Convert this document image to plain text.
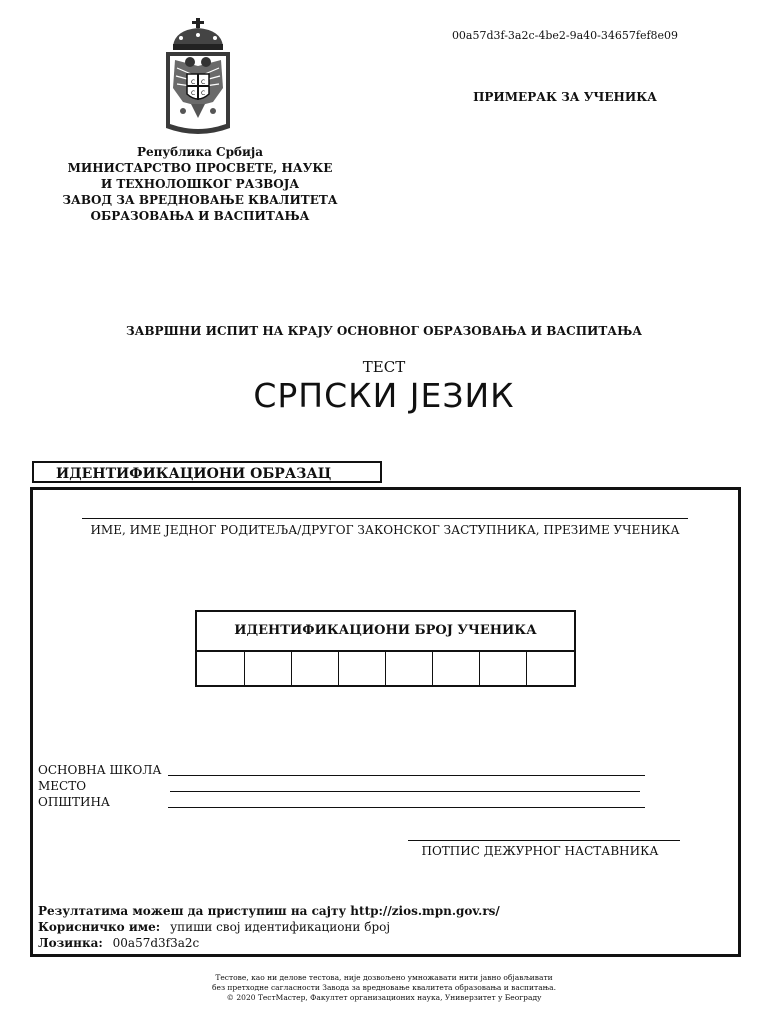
C C
C C
Република Србија
МИНИСТАРСТВО ПРОСВЕТЕ, НАУКЕ
И ТЕХНОЛОШКОГ РАЗВОЈА
ЗАВОД ЗА ВРЕДНОВАЊЕ КВАЛИТЕТА
ОБРАЗОВАЊА И ВАСПИТАЊА
00a57d3f-3a2c-4be2-9a40-34657fef8e09
ПРИМЕРАК ЗА УЧЕНИКА
ЗАВРШНИ ИСПИТ НА КРАЈУ ОСНОВНОГ ОБРАЗОВАЊА И ВАСПИТАЊА
ТЕСТ
СРПСКИ ЈЕЗИК
ИДЕНТИФИКАЦИОНИ ОБРАЗАЦ
ИМЕ, ИМЕ ЈЕДНОГ РОДИТЕЉА/ДРУГОГ ЗАКОНСКОГ ЗАСТУПНИКА, ПРЕЗИМЕ УЧЕНИКА
ИДЕНТИФИКАЦИОНИ БРОЈ УЧЕНИКА
ОСНОВНА ШКОЛА
МЕСТО
ОПШТИНА
ПОТПИС ДЕЖУРНОГ НАСТАВНИКА
Резултатима можеш да приступиш на сајту http://zios.mpn.gov.rs/
Корисничко име: упиши свој идентификациони број
Лозинка: 00a57d3f3a2c
Тестове, као ни делове тестова, није дозвољено умножавати нити јавно објављивати
без претходне сагласности Завода за вредновање квалитета образовања и васпитања.
© 2020 ТестМастер, Факултет организационих наука, Универзитет у Београду
